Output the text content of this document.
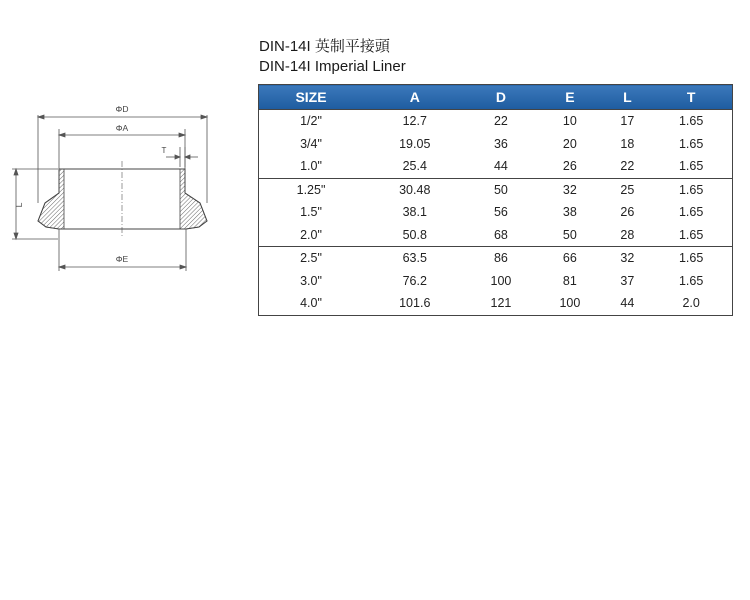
ΦD
ΦA
T
L
ΦE
DIN-14I 英制平接頭
DIN-14I Imperial Liner
SIZE	A	D	E	L	T
1/2"	12.7	22	10	17	1.65
3/4"	19.05	36	20	18	1.65
1.0"	25.4	44	26	22	1.65
1.25"	30.48	50	32	25	1.65
1.5"	38.1	56	38	26	1.65
2.0"	50.8	68	50	28	1.65
2.5"	63.5	86	66	32	1.65
3.0"	76.2	100	81	37	1.65
4.0"	101.6	121	100	44	2.0
